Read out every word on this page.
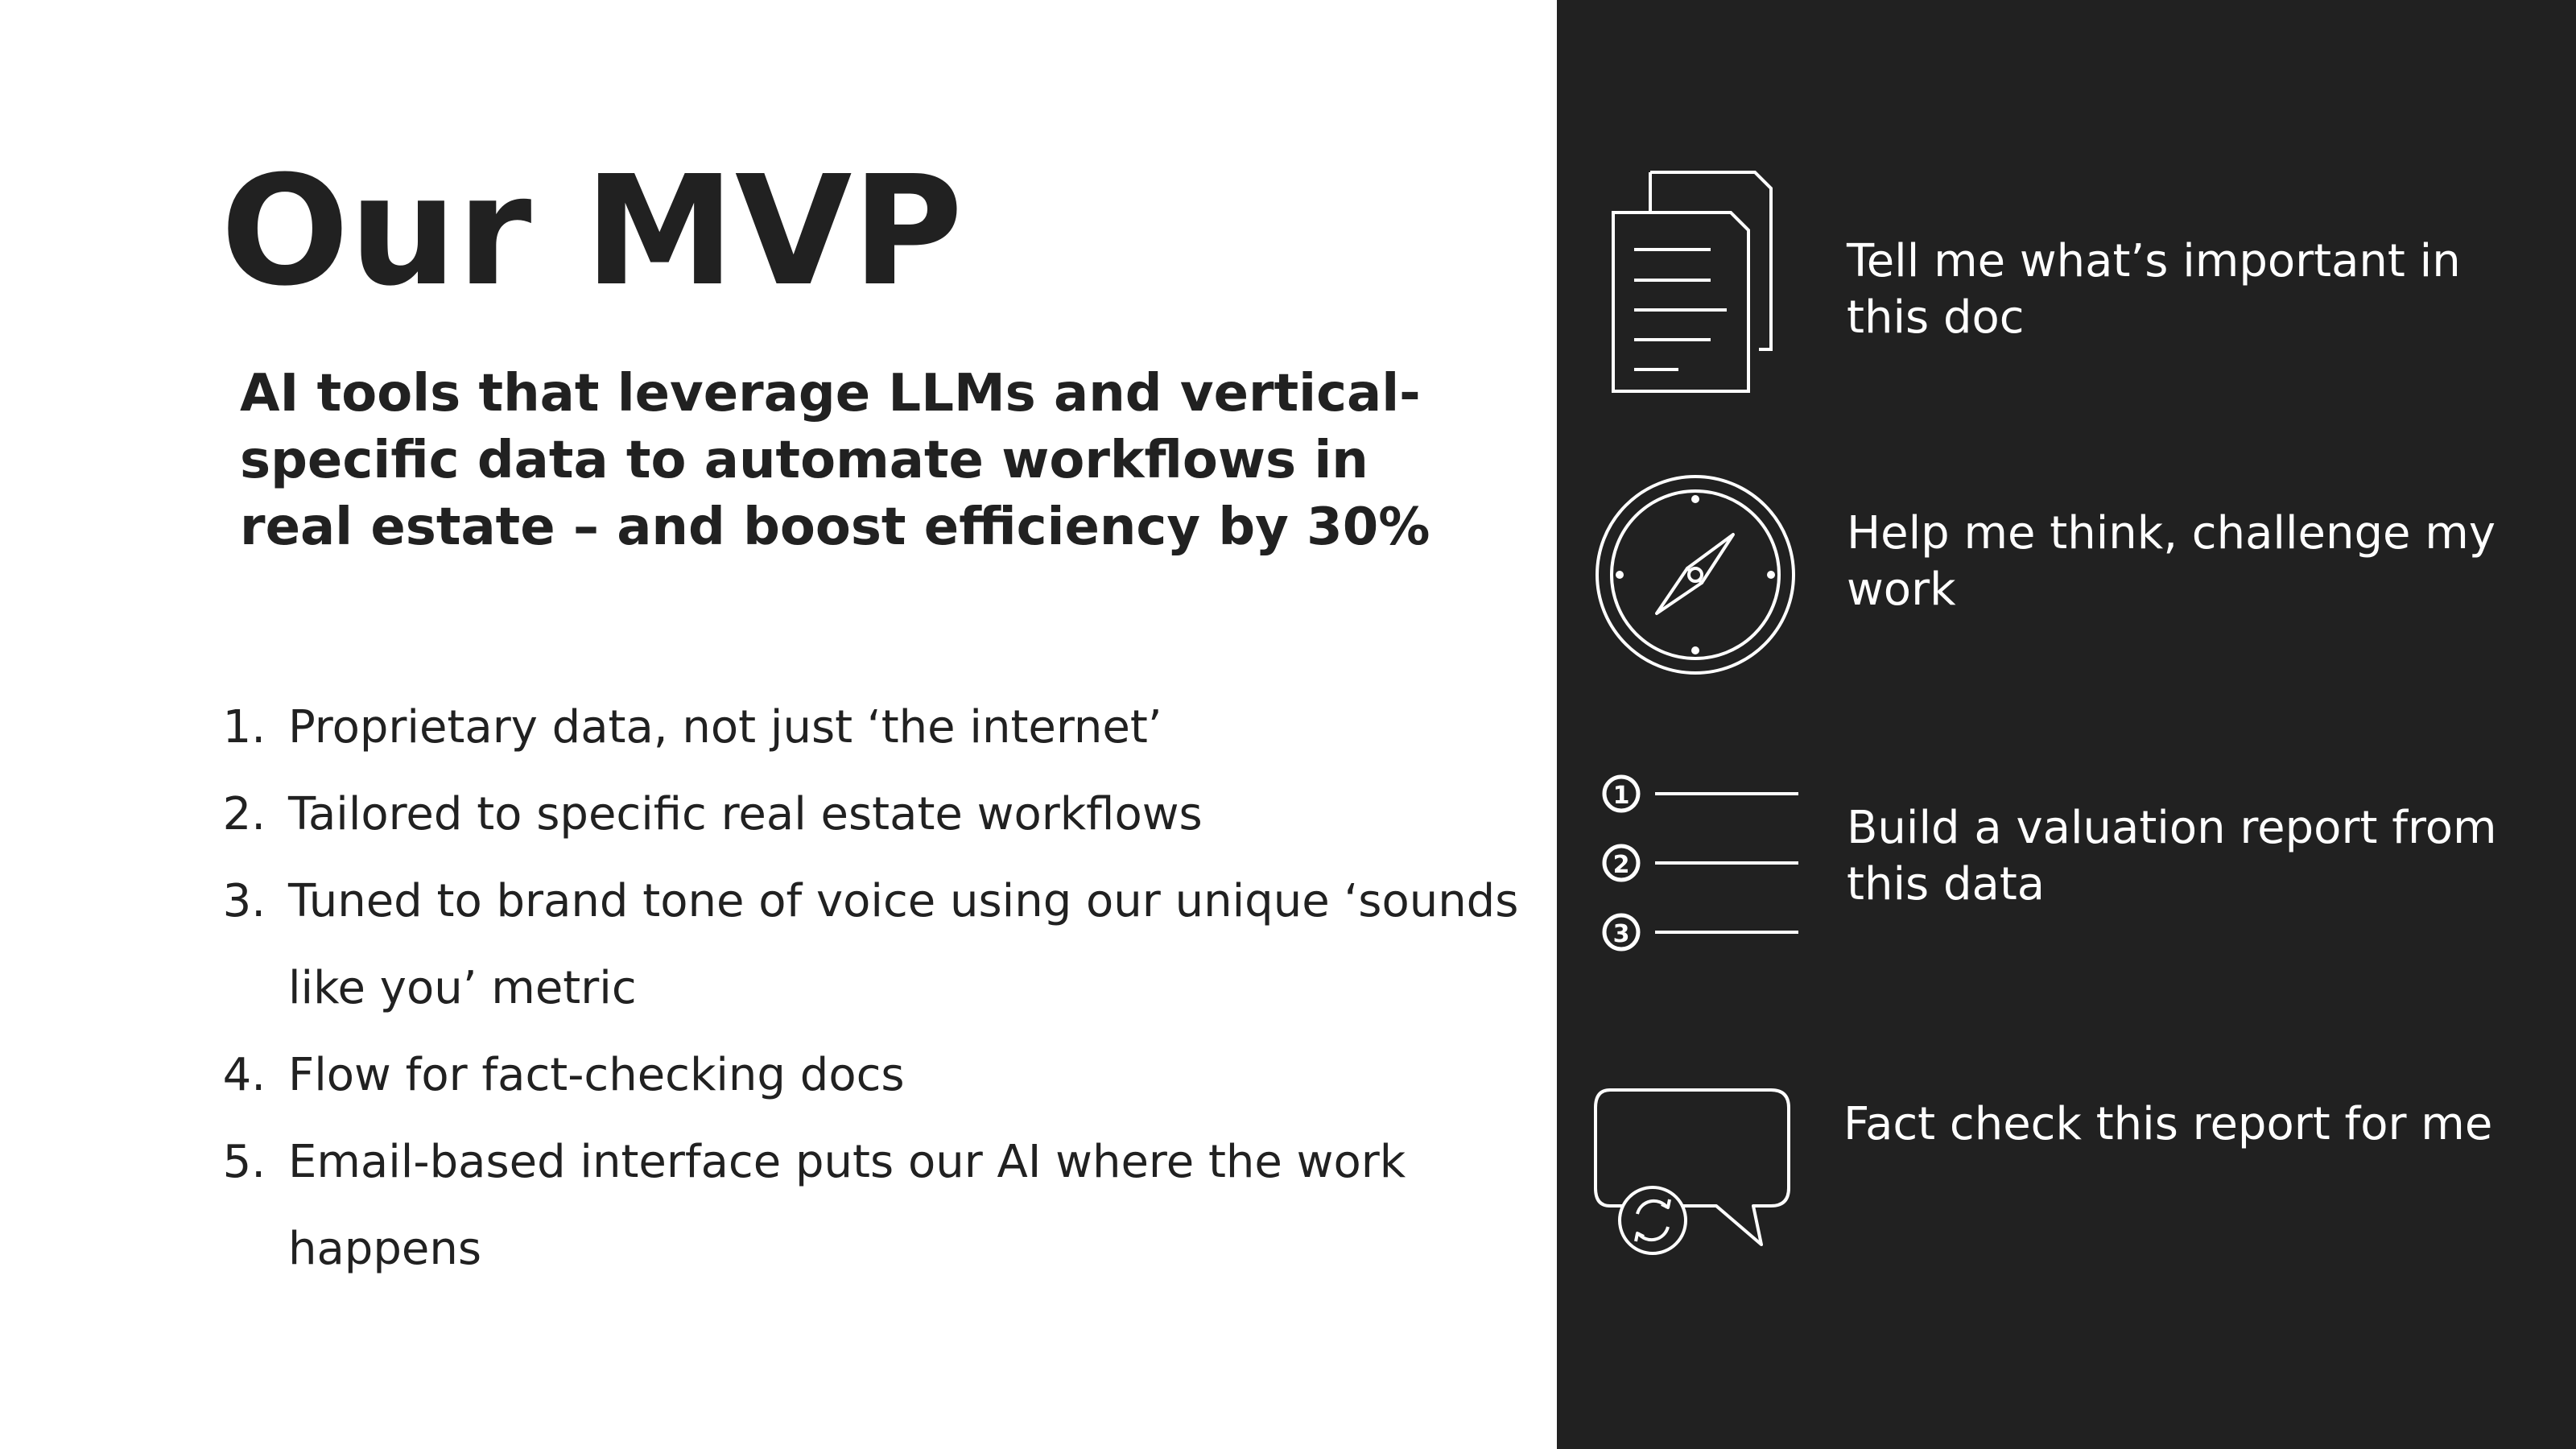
Our MVP

AI tools that leverage LLMs and vertical-specific data to automate workflows in real estate – and boost efficiency by 30%

1. Proprietary data, not just ‘the internet’
2. Tailored to specific real estate workflows
3. Tuned to brand tone of voice using our unique ‘sounds like you’ metric
4. Flow for fact-checking docs
5. Email-based interface puts our AI where the work happens

Tell me what’s important in this doc

Help me think, challenge my work

1
2
3

Build a valuation report from this data

Fact check this report for me
